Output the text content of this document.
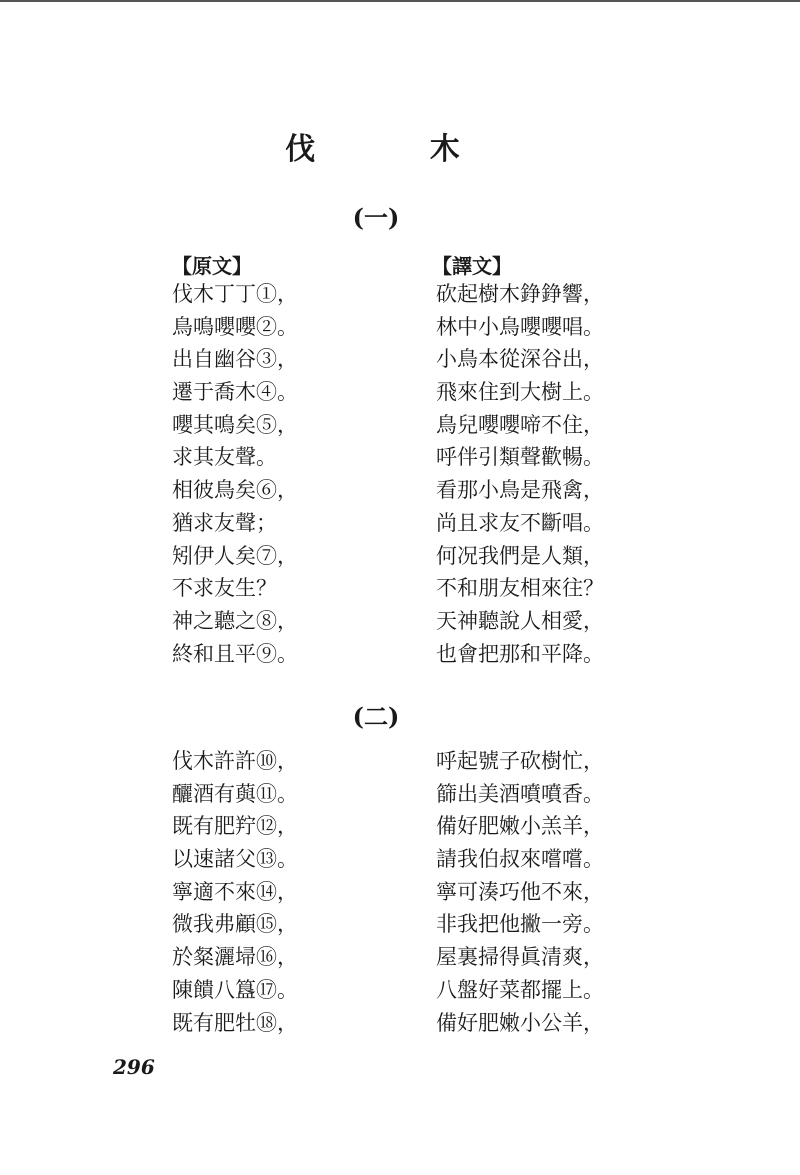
伐 木
(一)
【原文】	【譯文】
伐木丁丁①，
鳥鳴嚶嚶②。
出自幽谷③，
遷于喬木④。
嚶其鳴矣⑤，
求其友聲。
相彼鳥矣⑥，
猶求友聲；
矧伊人矣⑦，
不求友生？
神之聽之⑧，
終和且平⑨。
砍起樹木錚錚響，
林中小鳥嚶嚶唱。
小鳥本從深谷出，
飛來住到大樹上。
鳥兒嚶嚶啼不住，
呼伴引類聲歡暢。
看那小鳥是飛禽，
尚且求友不斷唱。
何况我們是人類，
不和朋友相來往？
天神聽說人相愛，
也會把那和平降。
(二)
伐木許許⑩，
釃酒有藇⑪。
既有肥羜⑫，
以速諸父⑬。
寧適不來⑭，
微我弗顧⑮，
於粲灑埽⑯，
陳饋八簋⑰。
既有肥牡⑱，
呼起號子砍樹忙，
篩出美酒噴噴香。
備好肥嫩小羔羊，
請我伯叔來嚐嚐。
寧可湊巧他不來，
非我把他撇一旁。
屋裏掃得眞清爽，
八盤好菜都擺上。
備好肥嫩小公羊，
296
